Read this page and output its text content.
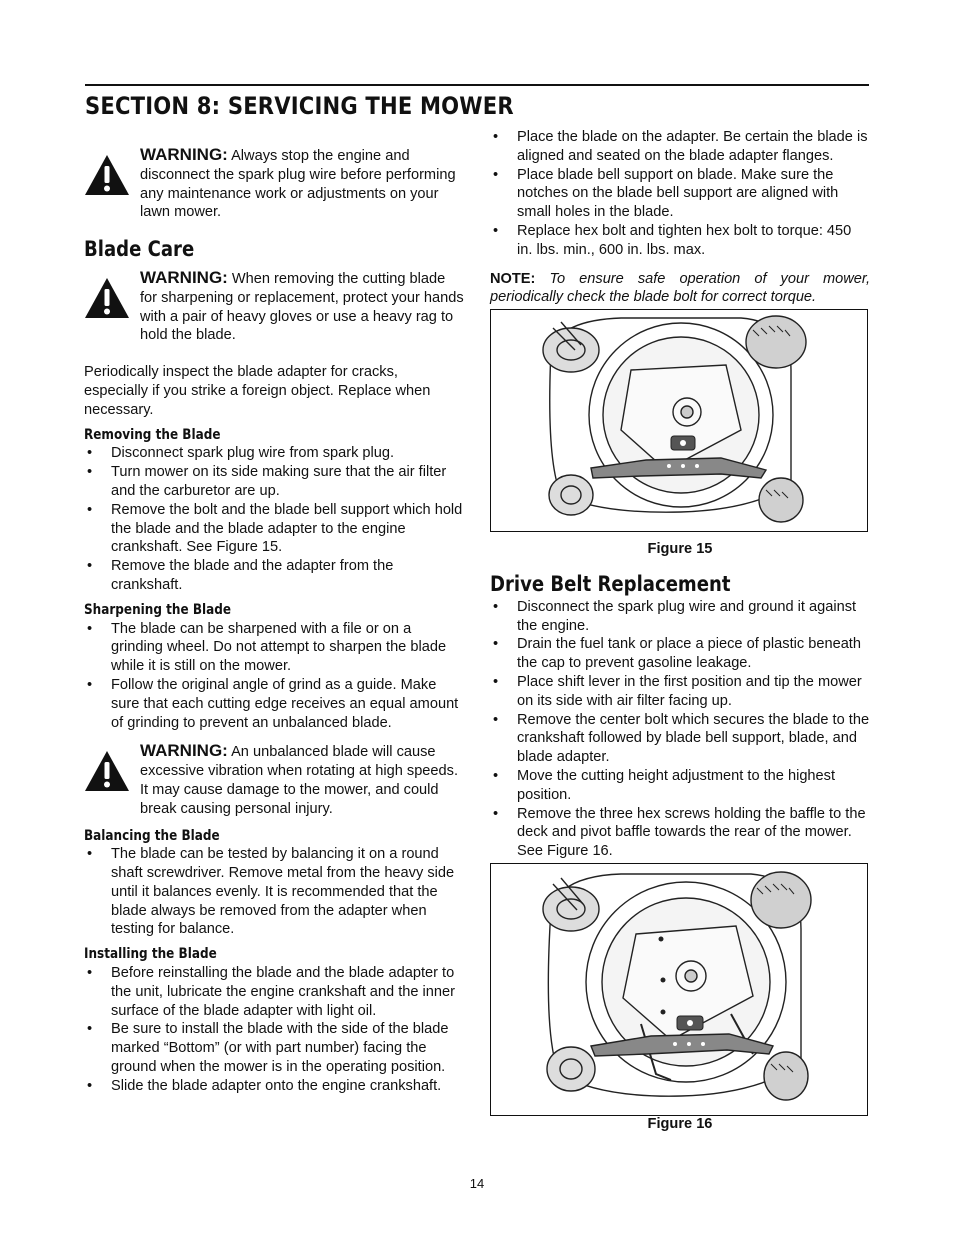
SECTION 8: SERVICING THE MOWER
WARNING: Always stop the engine and disconnect the spark plug wire before performing any maintenance work or adjustments on your lawn mower.
Blade Care
WARNING: When removing the cutting blade for sharpening or replacement, protect your hands with a pair of heavy gloves or use a heavy rag to hold the blade.

Periodically inspect the blade adapter for cracks, especially if you strike a foreign object. Replace when necessary.

Removing the Blade
• Disconnect spark plug wire from spark plug.
• Turn mower on its side making sure that the air filter and the carburetor are up.
• Remove the bolt and the blade bell support which hold the blade and the blade adapter to the engine crankshaft. See Figure 15.
• Remove the blade and the adapter from the crankshaft.
Sharpening the Blade
• The blade can be sharpened with a file or on a grinding wheel. Do not attempt to sharpen the blade while it is still on the mower.
• Follow the original angle of grind as a guide. Make sure that each cutting edge receives an equal amount of grinding to prevent an unbalanced blade.
WARNING: An unbalanced blade will cause excessive vibration when rotating at high speeds. It may cause damage to the mower, and could break causing personal injury.
Balancing the Blade
• The blade can be tested by balancing it on a round shaft screwdriver. Remove metal from the heavy side until it balances evenly. It is recommended that the blade always be removed from the adapter when testing for balance.
Installing the Blade
• Before reinstalling the blade and the blade adapter to the unit, lubricate the engine crankshaft and the inner surface of the blade adapter with light oil.
• Be sure to install the blade with the side of the blade marked “Bottom” (or with part number) facing the ground when the mower is in the operating position.
• Slide the blade adapter onto the engine crankshaft.
• Place the blade on the adapter. Be certain the blade is aligned and seated on the blade adapter flanges.
• Place blade bell support on blade. Make sure the notches on the blade bell support are aligned with small holes in the blade.
• Replace hex bolt and tighten hex bolt to torque: 450 in. lbs. min., 600 in. lbs. max.

NOTE: To ensure safe operation of your mower, periodically check the blade bolt for correct torque.

Figure 15
Drive Belt Replacement
• Disconnect the spark plug wire and ground it against the engine.
• Drain the fuel tank or place a piece of plastic beneath the cap to prevent gasoline leakage.
• Place shift lever in the first position and tip the mower on its side with air filter facing up.
• Remove the center bolt which secures the blade to the crankshaft followed by blade bell support, blade, and blade adapter.
• Move the cutting height adjustment to the highest position.
• Remove the three hex screws holding the baffle to the deck and pivot baffle towards the rear of the mower. See Figure 16.
Figure 16
14
